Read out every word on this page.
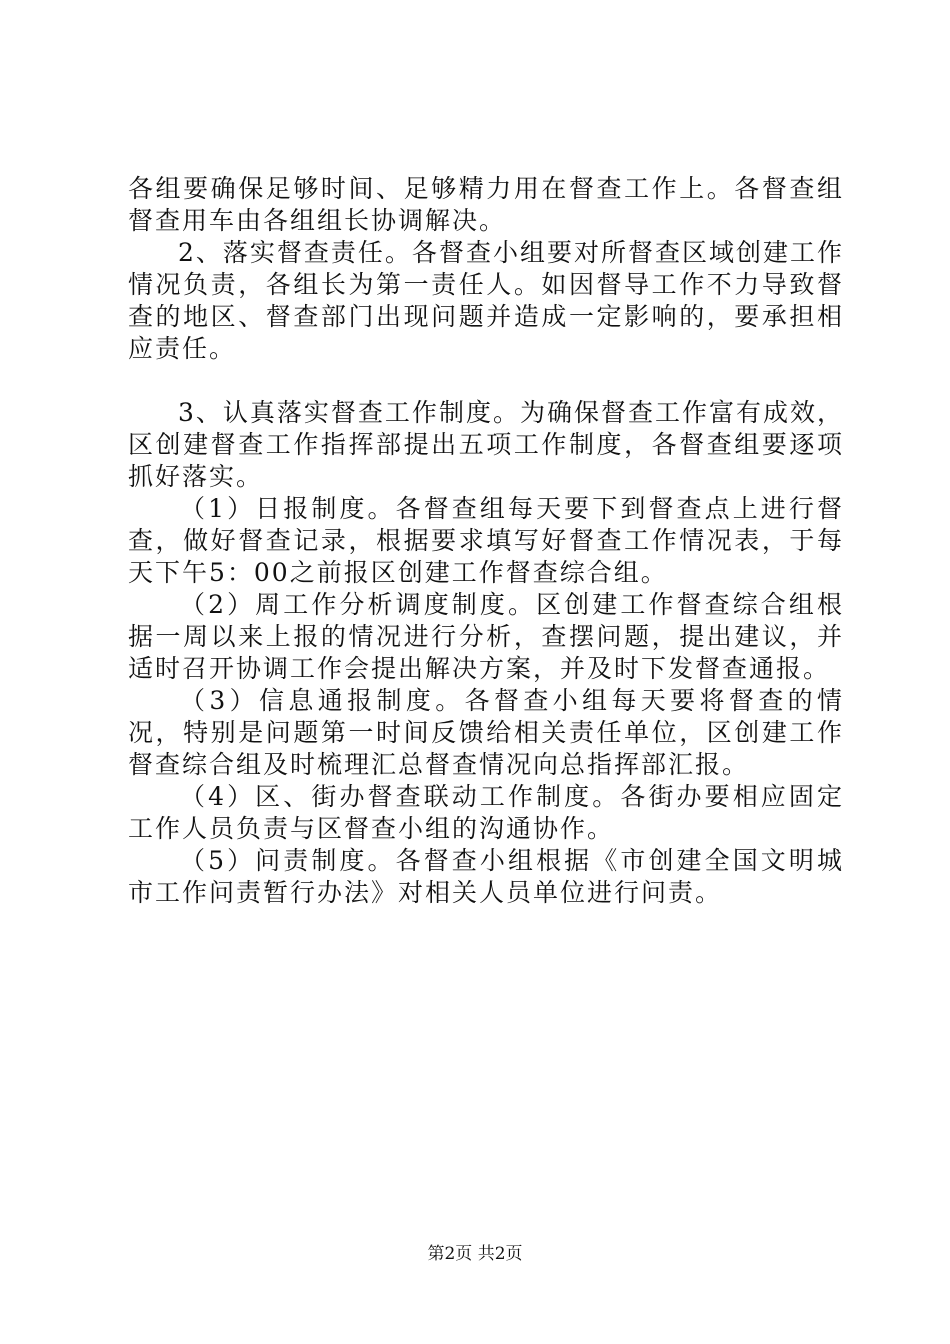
各组要确保足够时间、足够精力用在督查工作上。各督查组督查用车由各组组长协调解决。

2、落实督查责任。各督查小组要对所督查区域创建工作情况负责，各组长为第一责任人。如因督导工作不力导致督查的地区、督查部门出现问题并造成一定影响的，要承担相应责任。

3、认真落实督查工作制度。为确保督查工作富有成效，区创建督查工作指挥部提出五项工作制度，各督查组要逐项抓好落实。

（1）日报制度。各督查组每天要下到督查点上进行督查，做好督查记录，根据要求填写好督查工作情况表，于每天下午5：00之前报区创建工作督查综合组。

（2）周工作分析调度制度。区创建工作督查综合组根据一周以来上报的情况进行分析，查摆问题，提出建议，并适时召开协调工作会提出解决方案，并及时下发督查通报。

（3）信息通报制度。各督查小组每天要将督查的情况，特别是问题第一时间反馈给相关责任单位，区创建工作督查综合组及时梳理汇总督查情况向总指挥部汇报。

（4）区、街办督查联动工作制度。各街办要相应固定工作人员负责与区督查小组的沟通协作。

（5）问责制度。各督查小组根据《市创建全国文明城市工作问责暂行办法》对相关人员单位进行问责。

第2页 共2页
